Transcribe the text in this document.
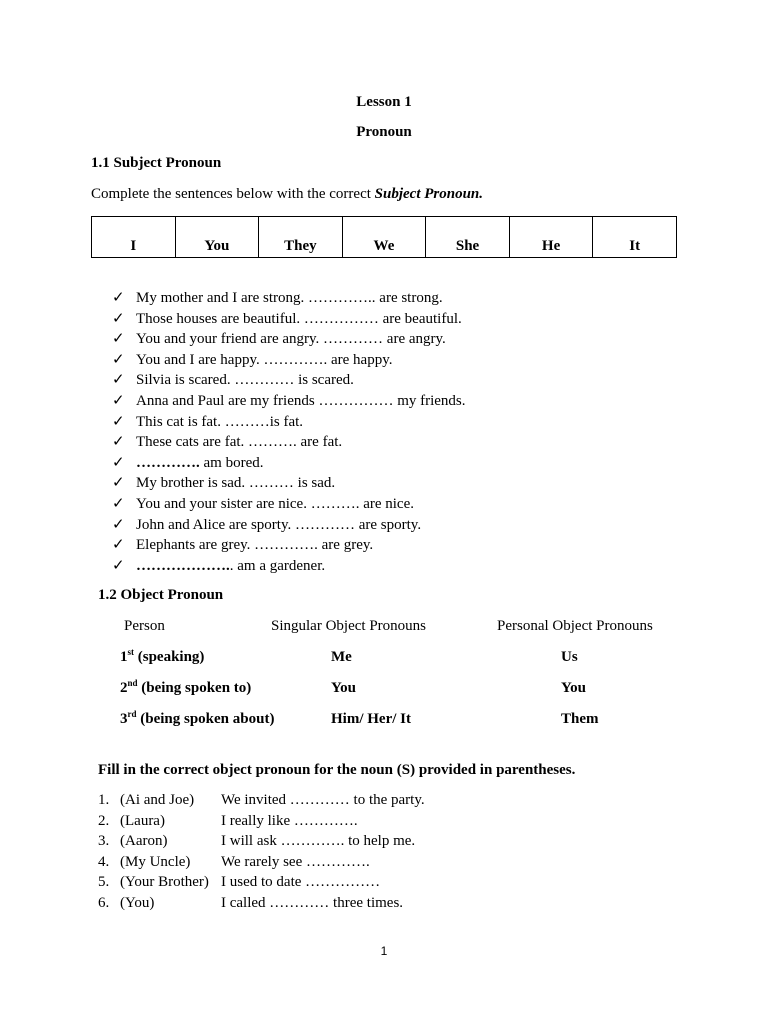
Lesson 1
Pronoun
1.1 Subject Pronoun
Complete the sentences below with the correct Subject Pronoun.
I	You	They	We	She	He	It
✓ My mother and I are strong. ………….. are strong.
✓ Those houses are beautiful. …………… are beautiful.
✓ You and your friend are angry. ………… are angry.
✓ You and I are happy. …………. are happy.
✓ Silvia is scared. ………… is scared.
✓ Anna and Paul are my friends …………… my friends.
✓ This cat is fat. ………is fat.
✓ These cats are fat. ………. are fat.
✓ …………. am bored.
✓ My brother is sad. ……… is sad.
✓ You and your sister are nice. ………. are nice.
✓ John and Alice are sporty. ………… are sporty.
✓ Elephants are grey. …………. are grey.
✓ ……………….. am a gardener.
1.2 Object Pronoun
Person	Singular Object Pronouns	Personal Object Pronouns
1st (speaking)	Me	Us
2nd (being spoken to)	You	You
3rd (being spoken about)	Him/ Her/ It	Them
Fill in the correct object pronoun for the noun (S) provided in parentheses.
1. (Ai and Joe) We invited ………… to the party.
2. (Laura)	I really like ………….
3. (Aaron)	I will ask …………. to help me.
4. (My Uncle) We rarely see ………….
5. (Your Brother) I used to date ……………
6. (You)	I called ………… three times.
1
